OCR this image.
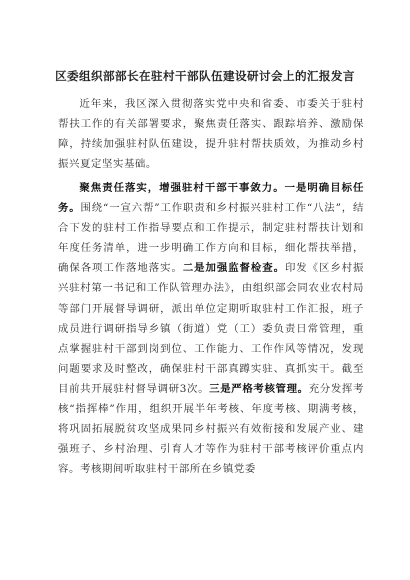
区委组织部部长在驻村干部队伍建设研讨会上的汇报发言
近年来，我区深入贯彻落实党中央和省委、市委关于驻村帮扶工作的有关部署要求，聚焦责任落实、跟踪培养、激励保障，持续加强驻村队伍建设，提升驻村帮扶质效，为推动乡村振兴夏定坚实基础。
聚焦责任落实，增强驻村干部干事敛力。一是明确目标任务。围绕“一宣六帮”工作职责和乡村振兴驻村工作“八法”，结合下发的驻村工作指导要点和工作提示，制定驻村帮扶计划和年度任务清单，进一步明确工作方向和目标，细化帮扶举措，确保各项工作落地落实。二是加强监督检查。印发《区乡村振兴驻村第一书记和工作队管理办法》，由组织部会同农业农村局等部门开展督导调研，派出单位定期听取驻村工作汇报，班子成员进行调研指导乡镇（街道）党（工）委负责日常管理，重点掌握驻村干部到岗到位、工作能力、工作作风等情况，发现问题要求及时整改，确保驻村干部真蹲实驻、真抓实干。截至目前共开展驻村督导调研3次。三是严格考核管理。充分发挥考核“指挥棒”作用，组织开展半年考核、年度考核、期满考核，将巩固拓展脱贫攻坚成果同乡村振兴有效衔接和发展产业、建强班子、乡村治理、引育人才等作为驻村干部考核评价重点内容。考核期间听取驻村干部所在乡镇党委
